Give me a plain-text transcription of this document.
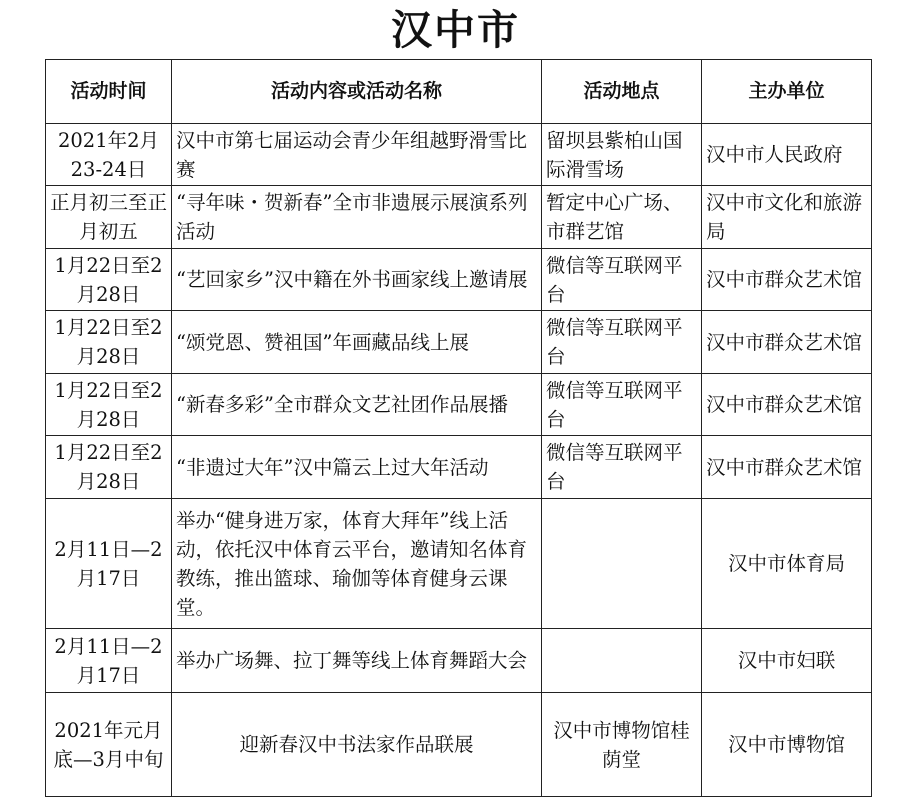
汉中市
活动时间	活动内容或活动名称	活动地点	主办单位
2021年2月23-24日	汉中市第七届运动会青少年组越野滑雪比赛	留坝县紫柏山国际滑雪场	汉中市人民政府
正月初三至正月初五	“寻年味・贺新春”全市非遗展示展演系列活动	暂定中心广场、市群艺馆	汉中市文化和旅游局
1月22日至2月28日	“艺回家乡”汉中籍在外书画家线上邀请展	微信等互联网平台	汉中市群众艺术馆
1月22日至2月28日	“颂党恩、赞祖国”年画藏品线上展	微信等互联网平台	汉中市群众艺术馆
1月22日至2月28日	“新春多彩”全市群众文艺社团作品展播	微信等互联网平台	汉中市群众艺术馆
1月22日至2月28日	“非遗过大年”汉中篇云上过大年活动	微信等互联网平台	汉中市群众艺术馆
2月11日—2月17日	举办“健身进万家，体育大拜年”线上活动，依托汉中体育云平台，邀请知名体育教练，推出篮球、瑜伽等体育健身云课堂。		汉中市体育局
2月11日—2月17日	举办广场舞、拉丁舞等线上体育舞蹈大会		汉中市妇联
2021年元月底—3月中旬	迎新春汉中书法家作品联展	汉中市博物馆桂荫堂	汉中市博物馆
